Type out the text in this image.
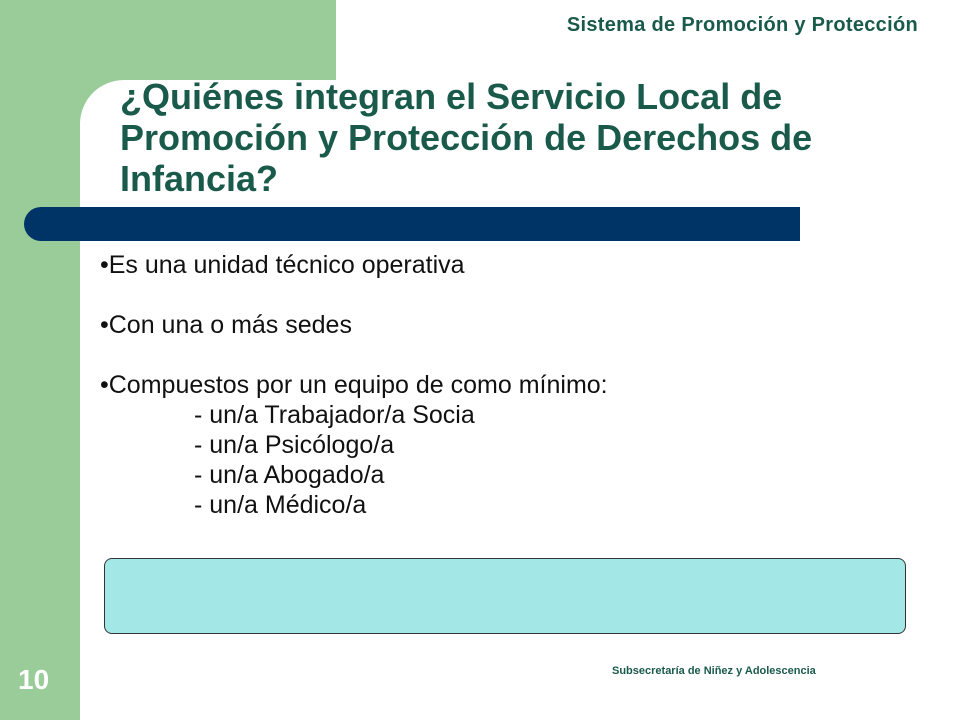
Sistema de Promoción y Protección
¿Quiénes integran el Servicio Local de Promoción y Protección de Derechos de Infancia?
•Es una unidad técnico operativa
•Con una o más sedes
•Compuestos por un equipo de como mínimo:
- un/a Trabajador/a Socia
- un/a Psicólogo/a
- un/a Abogado/a
- un/a Médico/a
10	Subsecretaría de Niñez y Adolescencia
